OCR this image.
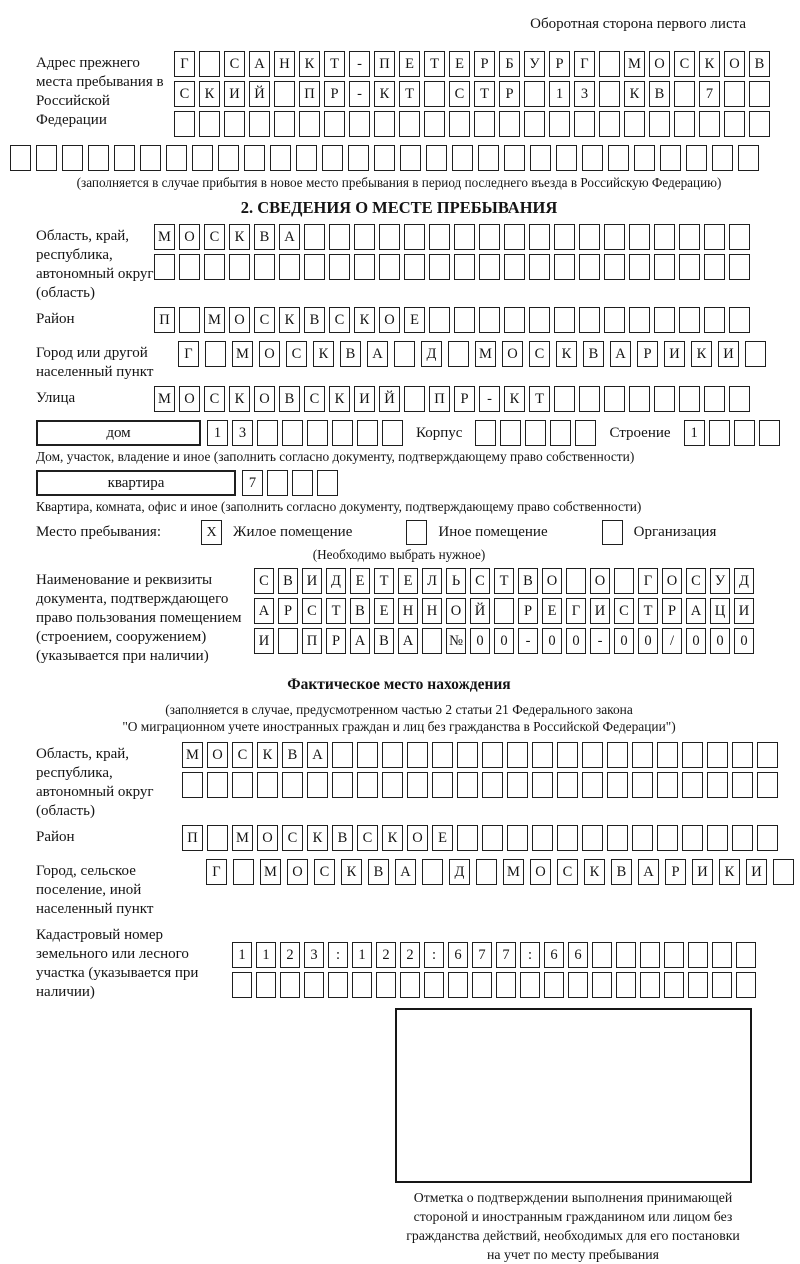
Оборотная сторона первого листа
Адрес прежнего места пребывания в Российской Федерации
Г	С	А	Н	К	Т	-	П	Е	Т	Е	Р	Б	У	Р	Г	М О	С	К	О	В
С	К	И	Й	П	Р	-	К	Т	С	Т	Р	1	3	К	В	7
(заполняется в случае прибытия в новое место пребывания в период последнего въезда в Российскую Федерацию)
2. СВЕДЕНИЯ О МЕСТЕ ПРЕБЫВАНИЯ
Область, край, республика, автономный округ (область)
М О	С	К	В	А
Район	П	М О	С	К	В	С	К	О	Е
Город или другой населенный пункт
Г	М	О	С	К	В	А	Д	М	О	С	К	В	А	Р	И	К	И
Улица	М О	С	К	О	В	С	К	И	Й	П	Р	-	К	Т
дом	1	3	Корпус	Строение	1
Дом, участок, владение и иное (заполнить согласно документу, подтверждающему право собственности)
квартира	7
Квартира, комната, офис и иное (заполнить согласно документу, подтверждающему право собственности)
Место пребывания:	X	Жилое помещение	Иное помещение	Организация
(Необходимо выбрать нужное)
Наименование и реквизиты документа, подтверждающего право пользования помещением (строением, сооружением) (указывается при наличии)
С В И Д	Е	Т	Е	Л	Ь	С	Т	В О	О	Г	О С У Д
А	Р	С	Т	В	Е Н Н О Й	Р	Е	Г	И С	Т	Р	А Ц И
И	П	Р	А В А	№ 0	0	-	0	0	-	0	0	/	0	0	0
Фактическое место нахождения
(заполняется в случае, предусмотренном частью 2 статьи 21 Федерального закона
"О миграционном учете иностранных граждан и лиц без гражданства в Российской Федерации")
Область, край, республика, автономный округ (область)
М О	С	К	В	А
Район	П	М О	С	К	В	С	К	О	Е
Город, сельское поселение, иной населенный пункт
Г	М	О	С	К	В	А	Д	М	О	С	К	В	А	Р	И	К	И
Кадастровый номер земельного или лесного участка (указывается при наличии)
1	1	2	3	:	1	2	2	:	6	7	7	:	6	6
Отметка о подтверждении выполнения принимающей
стороной и иностранным гражданином или лицом без
гражданства действий, необходимых для его постановки
на учет по месту пребывания
